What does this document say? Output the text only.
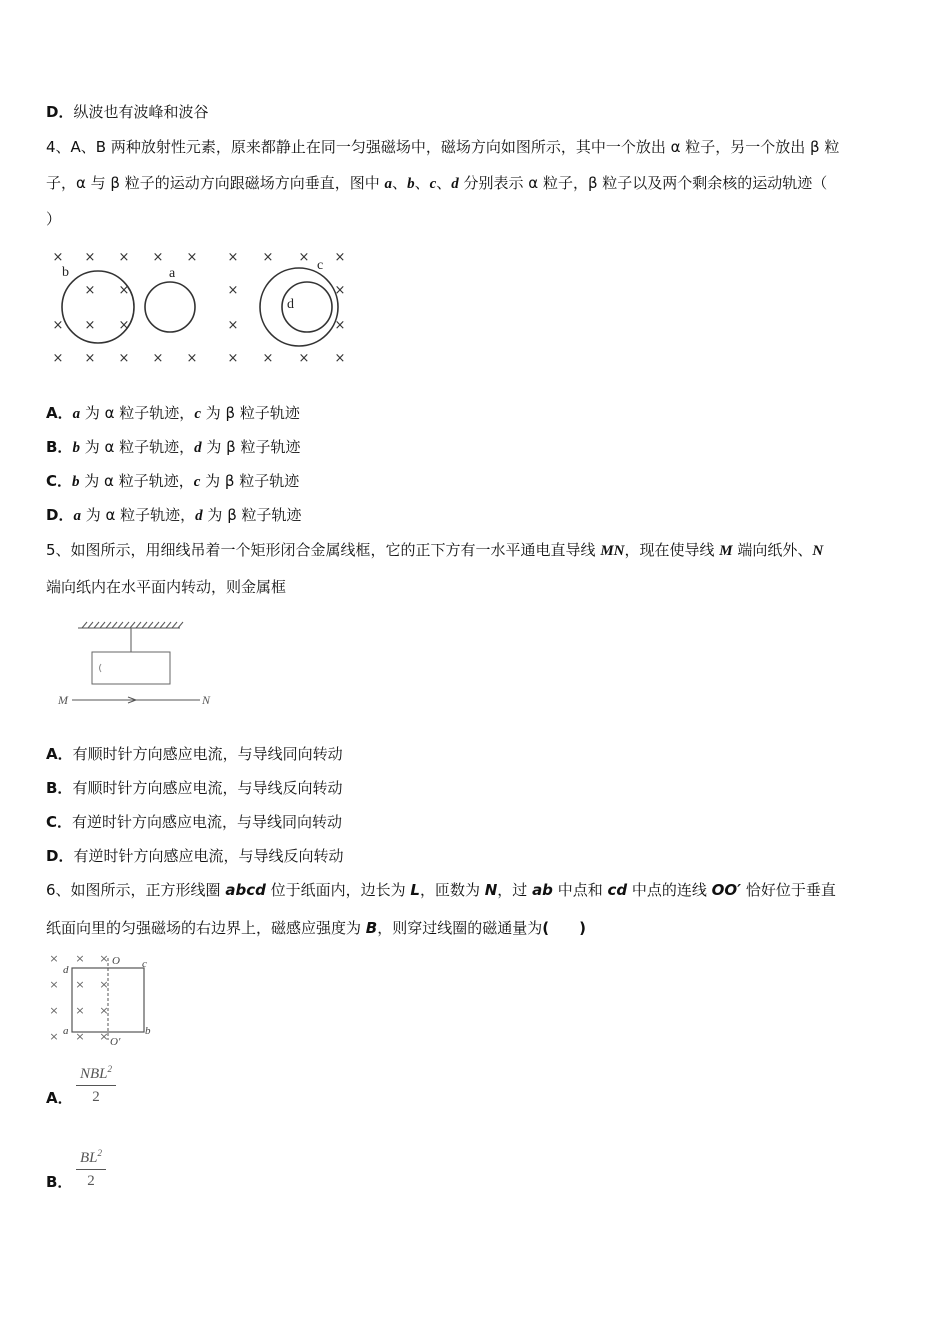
D．纵波也有波峰和波谷
4、A、B 两种放射性元素，原来都静止在同一匀强磁场中，磁场方向如图所示，其中一个放出 α 粒子，另一个放出 β 粒
子，α 与 β 粒子的运动方向跟磁场方向垂直，图中 a、b、c、d 分别表示 α 粒子，β 粒子以及两个剩余核的运动轨迹（
）
× × × × × × × × ×
× ×	×	×
× × ×	×	×
× × × × × × × × ×
b	a
c
d
A．a 为 α 粒子轨迹，c 为 β 粒子轨迹
B．b 为 α 粒子轨迹，d 为 β 粒子轨迹
C．b 为 α 粒子轨迹，c 为 β 粒子轨迹
D．a 为 α 粒子轨迹，d 为 β 粒子轨迹
5、如图所示，用细线吊着一个矩形闭合金属线框，它的正下方有一水平通电直导线 MN，现在使导线 M 端向纸外、N
端向纸内在水平面内转动，则金属框
M	N
A．有顺时针方向感应电流，与导线同向转动
B．有顺时针方向感应电流，与导线反向转动
C．有逆时针方向感应电流，与导线同向转动
D．有逆时针方向感应电流，与导线反向转动
6、如图所示，正方形线圈 abcd 位于纸面内，边长为 L，匝数为 N，过 ab 中点和 cd 中点的连线 OO′ 恰好位于垂直
纸面向里的匀强磁场的右边界上，磁感应强度为 B，则穿过线圈的磁通量为(　　)
× × ×
× × ×
× × ×
× × ×
d
O c
a
O′
b
A．
NBL$^2$
2
B． $\frac{BL^2}{2}$
